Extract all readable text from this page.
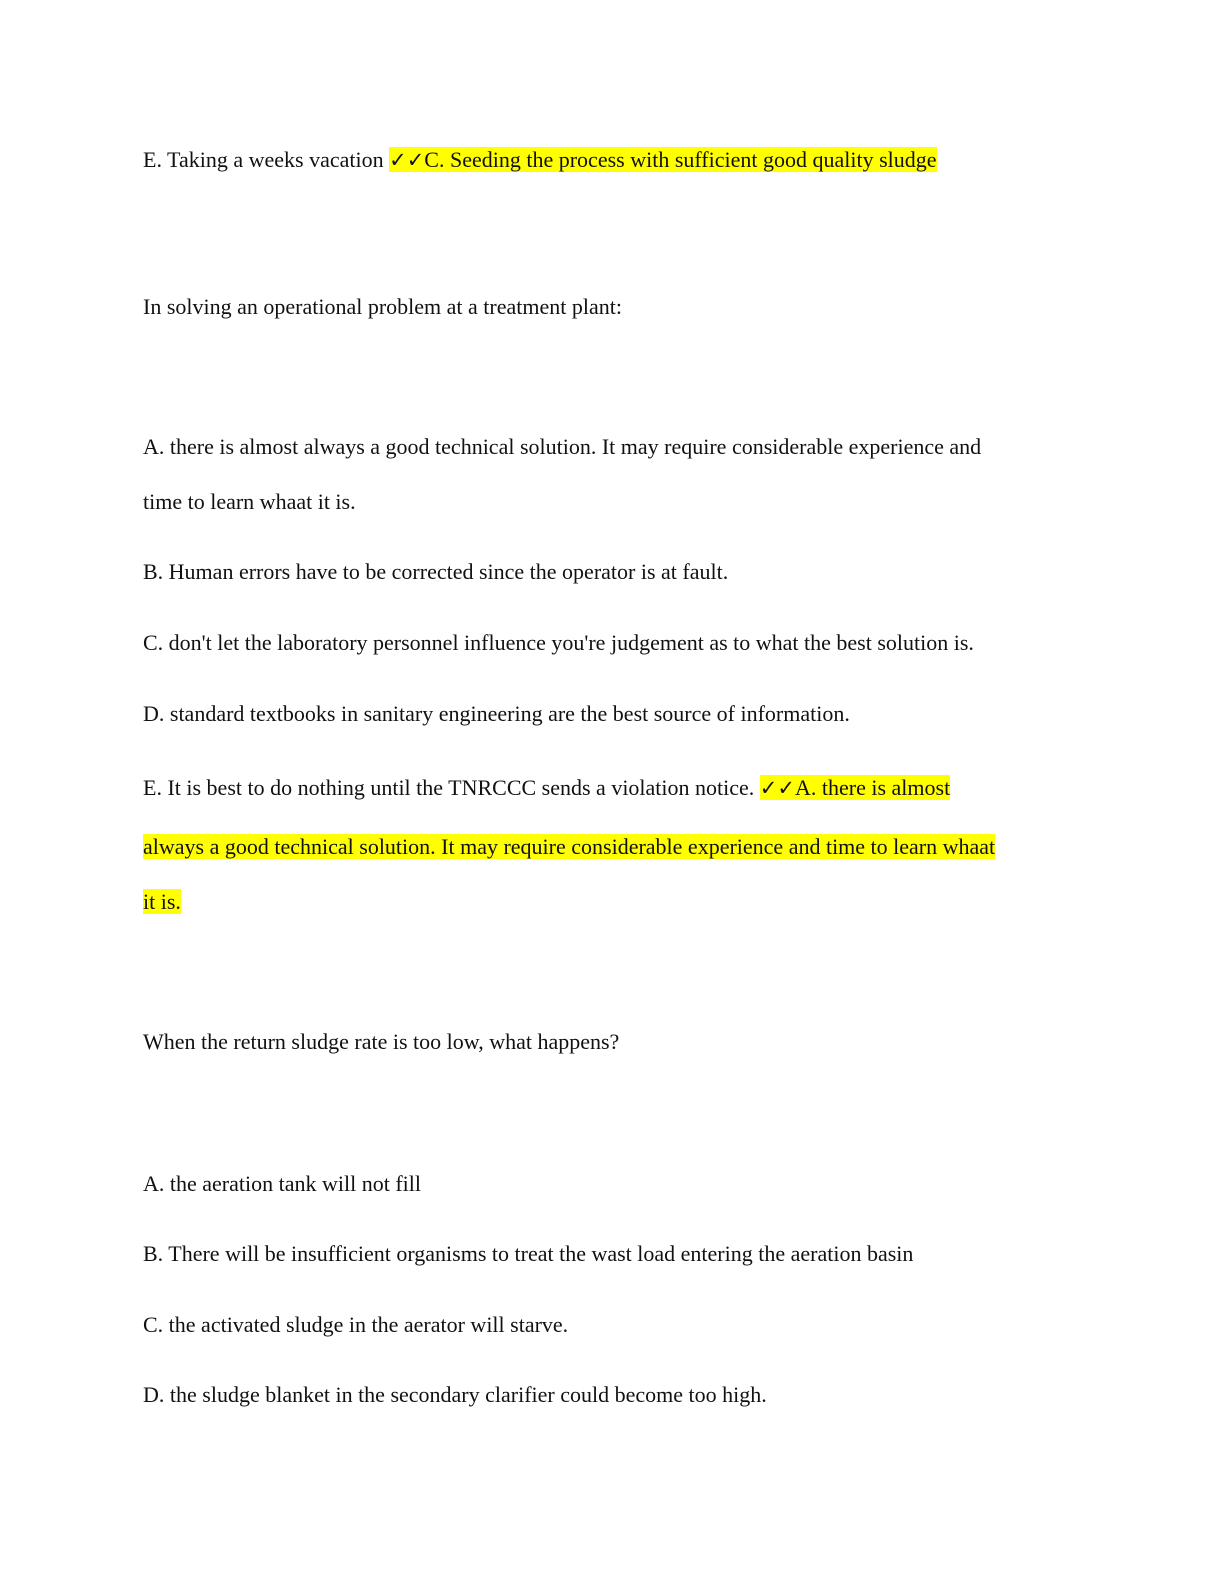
E. Taking a weeks vacation ✓✓C. Seeding the process with sufficient good quality sludge

In solving an operational problem at a treatment plant:

A. there is almost always a good technical solution. It may require considerable experience and

time to learn whaat it is.

B. Human errors have to be corrected since the operator is at fault.

C. don't let the laboratory personnel influence you're judgement as to what the best solution is.

D. standard textbooks in sanitary engineering are the best source of information.

E. It is best to do nothing until the TNRCCC sends a violation notice. ✓✓A. there is almost

always a good technical solution. It may require considerable experience and time to learn whaat

it is.

When the return sludge rate is too low, what happens?

A. the aeration tank will not fill

B. There will be insufficient organisms to treat the wast load entering the aeration basin

C. the activated sludge in the aerator will starve.

D. the sludge blanket in the secondary clarifier could become too high.
